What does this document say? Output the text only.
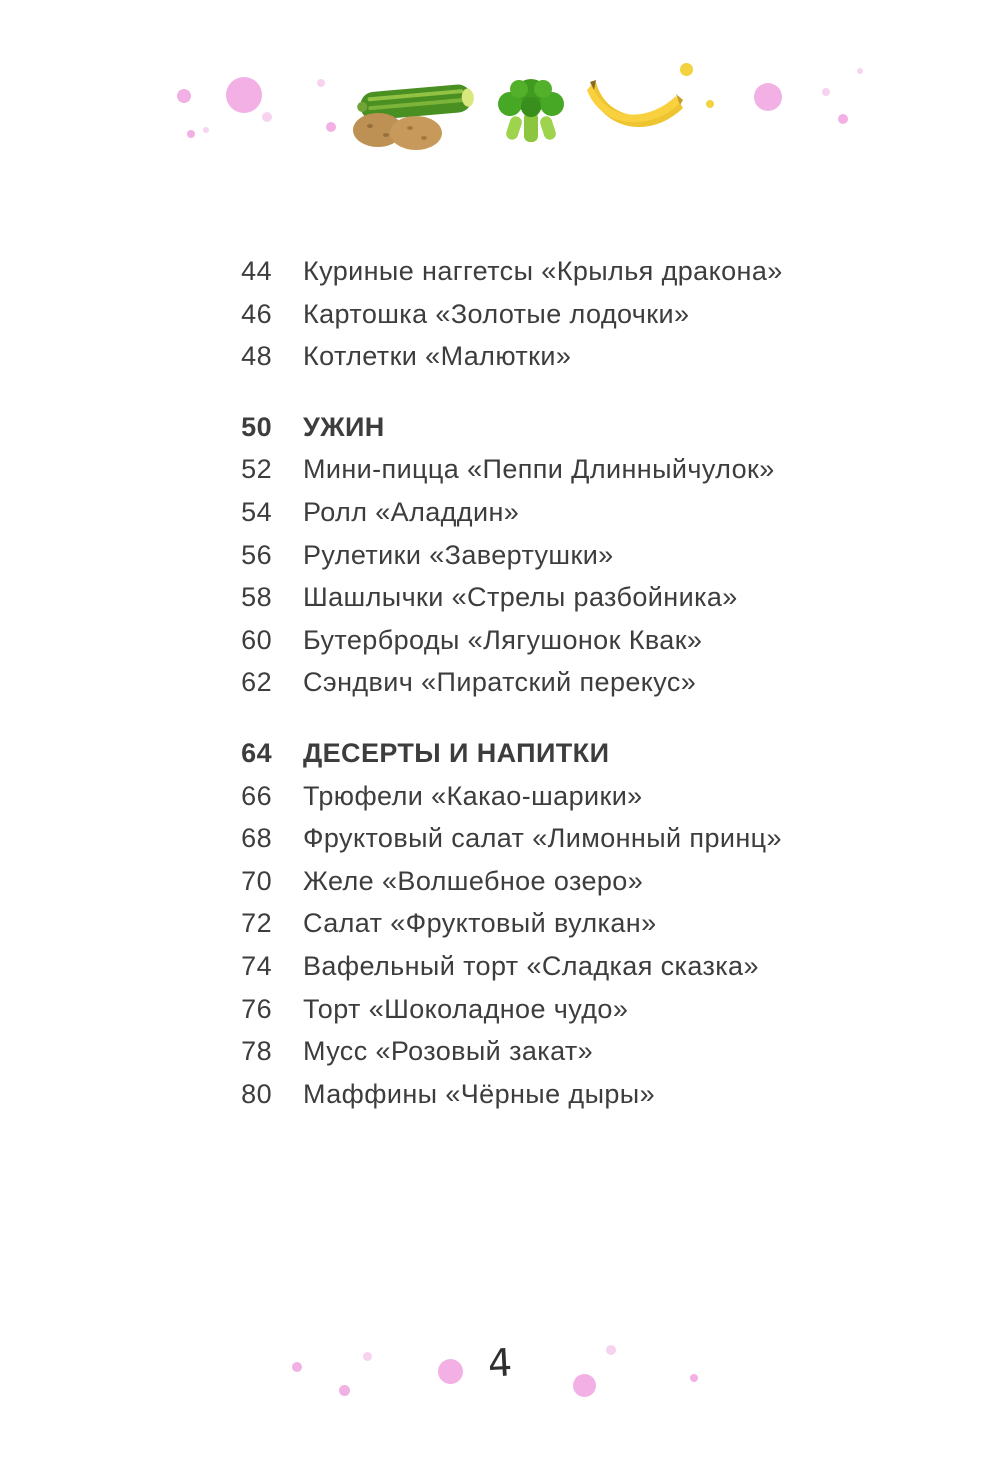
44	Куриные наггетсы «Крылья дракона»
46	Картошка «Золотые лодочки»
48	Котлетки «Малютки»
50	УЖИН
52	Мини-пицца «Пеппи Длинныйчулок»
54	Ролл «Аладдин»
56	Рулетики «Завертушки»
58	Шашлычки «Стрелы разбойника»
60	Бутерброды «Лягушонок Квак»
62	Сэндвич «Пиратский перекус»
64	ДЕСЕРТЫ И НАПИТКИ
66	Трюфели «Какао-шарики»
68	Фруктовый салат «Лимонный принц»
70	Желе «Волшебное озеро»
72	Салат «Фруктовый вулкан»
74	Вафельный торт «Сладкая сказка»
76	Торт «Шоколадное чудо»
78	Мусс «Розовый закат»
80	Маффины «Чёрные дыры»
4
